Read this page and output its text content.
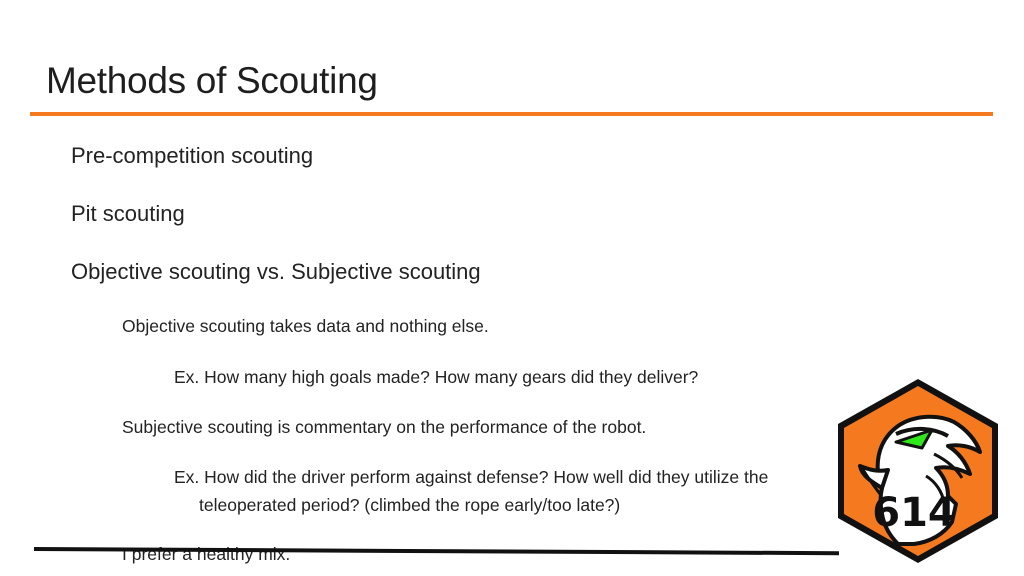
Methods of Scouting
Pre-competition scouting
Pit scouting
Objective scouting vs. Subjective scouting
Objective scouting takes data and nothing else.
Ex. How many high goals made? How many gears did they deliver?
Subjective scouting is commentary on the performance of the robot.
Ex. How did the driver perform against defense? How well did they utilize the
teleoperated period? (climbed the rope early/too late?)
I prefer a healthy mix.
614
